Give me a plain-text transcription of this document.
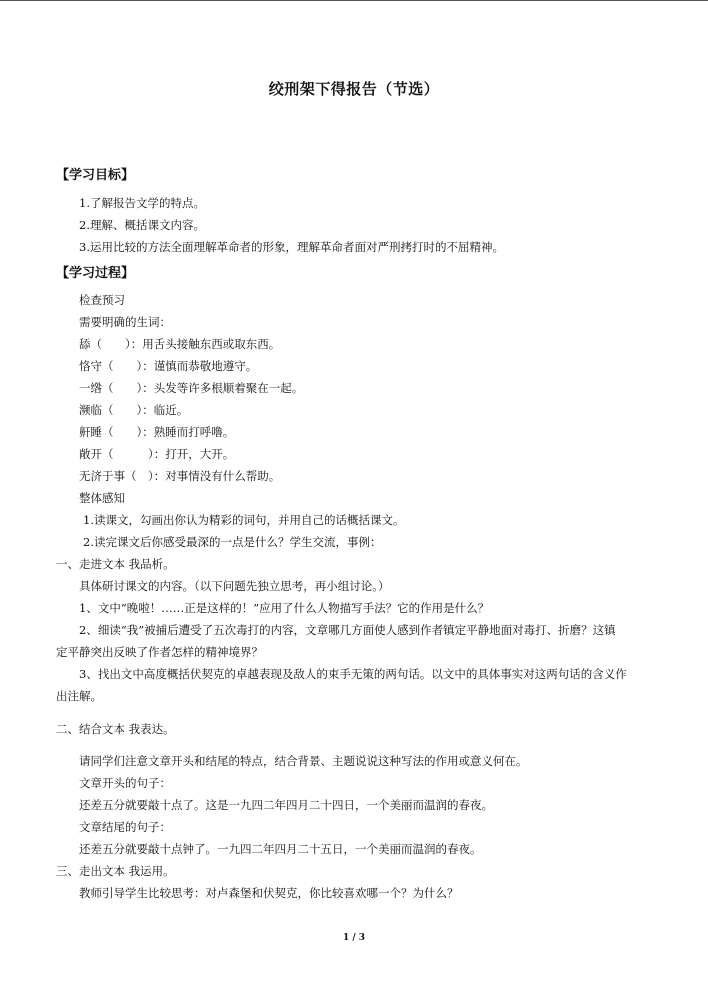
绞刑架下得报告（节选）
【学习目标】
1.了解报告文学的特点。
2.理解、概括课文内容。
3.运用比较的方法全面理解革命者的形象，理解革命者面对严刑拷打时的不屈精神。
【学习过程】
检查预习
需要明确的生词：
舔（　　）：用舌头接触东西或取东西。
恪守（　　）：谨慎而恭敬地遵守。
一绺（　　）：头发等许多根顺着聚在一起。
濒临（　　）：临近。
鼾睡（　　）：熟睡而打呼噜。
敞开（　　　）：打开，大开。
无济于事（　）：对事情没有什么帮助。
整体感知
1.读课文，勾画出你认为精彩的词句，并用自己的话概括课文。
2.读完课文后你感受最深的一点是什么？学生交流，事例：
一、走进文本 我品析。
具体研讨课文的内容。（以下问题先独立思考，再小组讨论。）
1、文中“晚啦！……正是这样的！”应用了什么人物描写手法？它的作用是什么？
2、细读“我”被捕后遭受了五次毒打的内容，文章哪几方面使人感到作者镇定平静地面对毒打、折磨？这镇
定平静突出反映了作者怎样的精神境界？
3、找出文中高度概括伏契克的卓越表现及敌人的束手无策的两句话。以文中的具体事实对这两句话的含义作
出注解。
二、结合文本 我表达。
请同学们注意文章开头和结尾的特点，结合背景、主题说说这种写法的作用或意义何在。
文章开头的句子：
还差五分就要敲十点了。这是一九四二年四月二十四日，一个美丽而温润的春夜。
文章结尾的句子：
还差五分就要敲十点钟了。一九四二年四月二十五日，一个美丽而温润的春夜。
三、走出文本 我运用。
教师引导学生比较思考：对卢森堡和伏契克，你比较喜欢哪一个？为什么？
1 / 3
